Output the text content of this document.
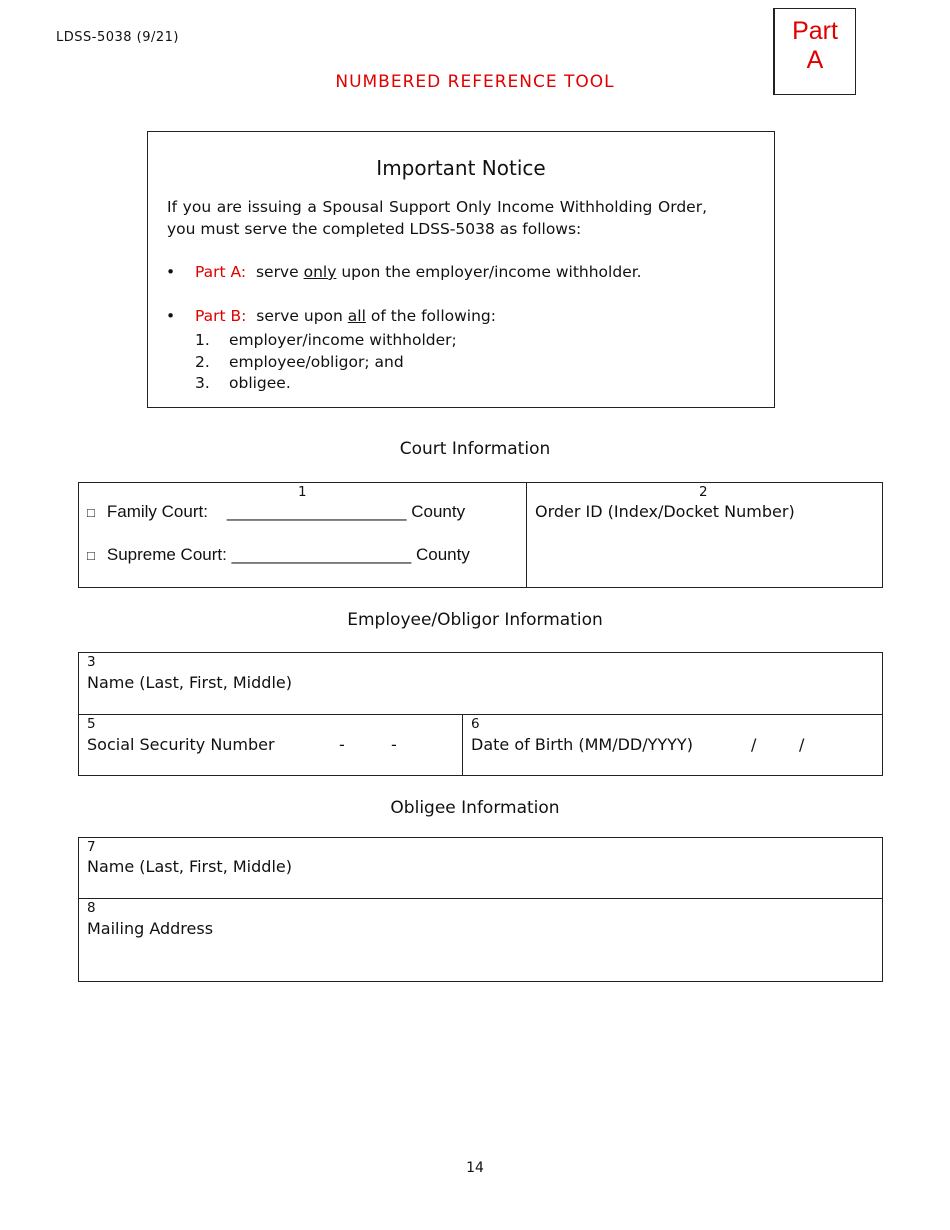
LDSS-5038 (9/21)	Part
A
NUMBERED REFERENCE TOOL
Important Notice
If you are issuing a Spousal Support Only Income Withholding Order, you must serve the completed LDSS-5038 as follows:
• Part A: serve only upon the employer/income withholder.
• Part B: serve upon all of the following:
1. employer/income withholder;
2. employee/obligor; and
3. obligee.
Court Information
1
□ Family Court: ___________________ County
□ Supreme Court: ___________________ County
2
Order ID (Index/Docket Number)
Employee/Obligor Information
3
Name (Last, First, Middle)
5
Social Security Number	-	-
6
Date of Birth (MM/DD/YYYY)	/	/
Obligee Information
7
Name (Last, First, Middle)
8
Mailing Address
14
